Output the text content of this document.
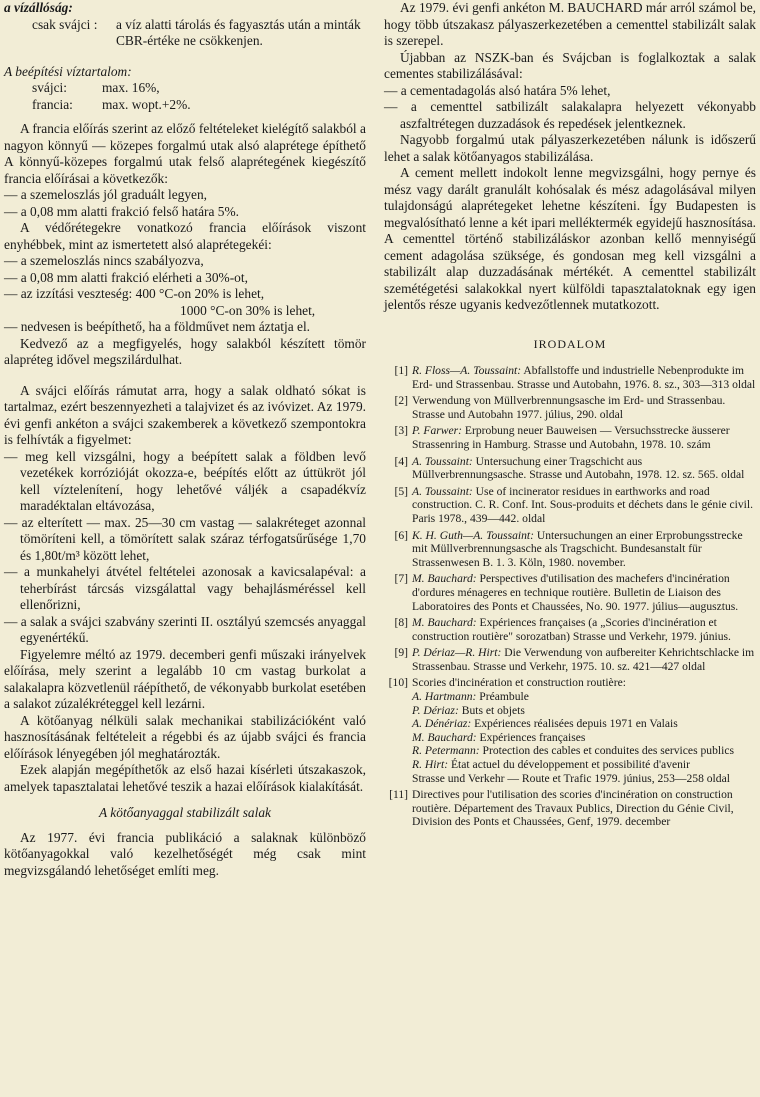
a vízállóság:

csak svájci :	a víz alatti tárolás és fagyasztás után a minták CBR-értéke ne csökkenjen.

A beépítési víztartalom:

svájci:	max. 16%,
francia:	max. wopt.+2%.

A francia előírás szerint az előző feltételeket kielégítő salakból a nagyon könnyű — közepes forgalmú utak alsó alaprétege építhető A könnyű-közepes forgalmú utak felső alaprétegének kiegészítő francia előírásai a következők:

— a szemeloszlás jól graduált legyen,

— a 0,08 mm alatti frakció felső határa 5%.

A védőrétegekre vonatkozó francia előírások viszont enyhébbek, mint az ismertetett alsó alaprétegekéi:

— a szemeloszlás nincs szabályozva,

— a 0,08 mm alatti frakció elérheti a 30%-ot,

— az izzítási veszteség: 400 °C-on 20% is lehet,

1000 °C-on 30% is lehet,

— nedvesen is beépíthető, ha a földművet nem áztatja el.

Kedvező az a megfigyelés, hogy salakból készített tömör alapréteg idővel megszilárdulhat.

A svájci előírás rámutat arra, hogy a salak oldható sókat is tartalmaz, ezért beszennyezheti a talajvizet és az ivóvizet. Az 1979. évi genfi ankéton a svájci szakemberek a következő szempontokra is felhívták a figyelmet:

— meg kell vizsgálni, hogy a beépített salak a földben levő vezetékek korrózióját okozza-e, beépítés előtt az úttükröt jól kell víztelenítení, hogy lehetővé váljék a csapadékvíz maradéktalan eltávozása,

— az elterített — max. 25—30 cm vastag — salakréteget azonnal tömöríteni kell, a tömörített salak száraz térfogatsűrűsége 1,70 és 1,80t/m³ között lehet,

— a munkahelyi átvétel feltételei azonosak a kavicsalapéval: a teherbírást tárcsás vizsgálattal vagy behajlásméréssel kell ellenőrizni,

— a salak a svájci szabvány szerinti II. osztályú szemcsés anyaggal egyenértékű.

Figyelemre méltó az 1979. decemberi genfi műszaki irányelvek előírása, mely szerint a legalább 10 cm vastag burkolat a salakalapra közvetlenül ráépíthető, de vékonyabb burkolat esetében a salakot zúzalékréteggel kell lezárni.

A kötőanyag nélküli salak mechanikai stabilizációként való hasznosításának feltételeit a régebbi és az újabb svájci és francia előírások lényegében jól meghatározták.

Ezek alapján megépíthetők az első hazai kísérleti útszakaszok, amelyek tapasztalatai lehetővé teszik a hazai előírások kialakítását.

A kötőanyaggal stabilizált salak

Az 1977. évi francia publikáció a salaknak különböző kötőanyagokkal való kezelhetőségét még csak mint megvizsgálandó lehetőséget említi meg.

Az 1979. évi genfi ankéton M. BAUCHARD már arról számol be, hogy több útszakasz pályaszerkezetében a cementtel stabilizált salak is szerepel.

Újabban az NSZK-ban és Svájcban is foglalkoztak a salak cementes stabilizálásával:

— a cementadagolás alsó határa 5% lehet,

— a cementtel satbilizált salakalapra helyezett vékonyabb aszfaltrétegen duzzadások és repedések jelentkeznek.

Nagyobb forgalmú utak pályaszerkezetében nálunk is időszerű lehet a salak kötőanyagos stabilizálása.

A cement mellett indokolt lenne megvizsgálni, hogy pernye és mész vagy darált granulált kohósalak és mész adagolásával milyen tulajdonságú alaprétegeket lehetne készíteni. Így Budapesten is megvalósítható lenne a két ipari melléktermék egyidejű hasznosítása. A cementtel történő stabilizáláskor azonban kellő mennyiségű cement adagolása szüksége, és gondosan meg kell vizsgálni a stabilizált alap duzzadásának mértékét. A cementtel stabilizált szemétégetési salakokkal nyert külföldi tapasztalatoknak egy igen jelentős része ugyanis kedvezőtlennek mutatkozott.

IRODALOM

[1] R. Floss—A. Toussaint: Abfallstoffe und industrielle Nebenprodukte im Erd- und Strassenbau. Strasse und Autobahn, 1976. 8. sz., 303—313 oldal
[2] Verwendung von Müllverbrennungsasche im Erd- und Strassenbau. Strasse und Autobahn 1977. július, 290. oldal
[3] P. Farwer: Erprobung neuer Bauweisen — Versuchsstrecke äusserer Strassenring in Hamburg. Strasse und Autobahn, 1978. 10. szám
[4] A. Toussaint: Untersuchung einer Tragschicht aus Müllverbrennungsasche. Strasse und Autobahn, 1978. 12. sz. 565. oldal
[5] A. Toussaint: Use of incinerator residues in earthworks and road construction. C. R. Conf. Int. Sous-produits et déchets dans le génie civil. Paris 1978., 439—442. oldal
[6] K. H. Guth—A. Toussaint: Untersuchungen an einer Erprobungsstrecke mit Müllverbrennungsasche als Tragschicht. Bundesanstalt für Strassenwesen B. 1. 3. Köln, 1980. november.
[7] M. Bauchard: Perspectives d'utilisation des machefers d'incinération d'ordures ménageres en technique routière. Bulletin de Liaison des Laboratoires des Ponts et Chaussées, No. 90. 1977. július—augusztus.
[8] M. Bauchard: Expériences françaises (a „Scories d'incinération et construction routière" sorozatban) Strasse und Verkehr, 1979. június.
[9] P. Dériaz—R. Hirt: Die Verwendung von aufbereiter Kehrichtschlacke im Strassenbau. Strasse und Verkehr, 1975. 10. sz. 421—427 oldal
[10] Scories d'incinération et construction routière:
A. Hartmann: Préambule
P. Dériaz: Buts et objets
A. Dénériaz: Expériences réalisées depuis 1971 en Valais
M. Bauchard: Expériences françaises
R. Petermann: Protection des cables et conduites des services publics
R. Hirt: État actuel du développement et possibilité d'avenir
Strasse und Verkehr — Route et Trafic 1979. június, 253—258 oldal
[11] Directives pour l'utilisation des scories d'incinération on construction routière. Département des Travaux Publics, Direction du Génie Civil, Division des Ponts et Chaussées, Genf, 1979. december
